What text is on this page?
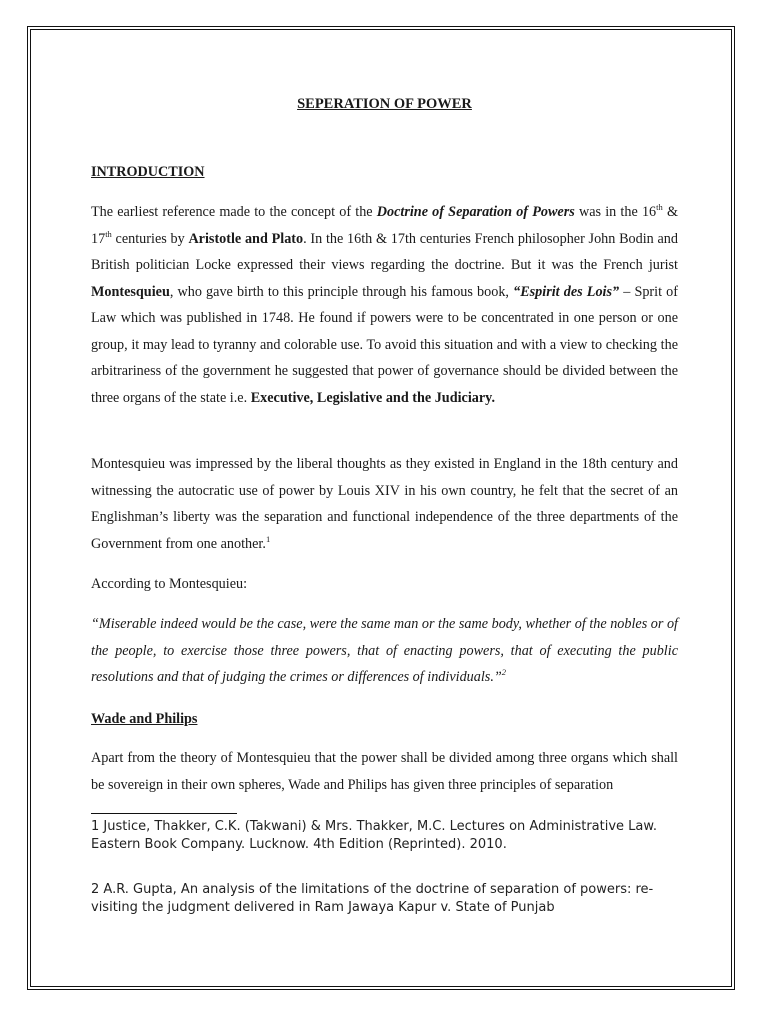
SEPERATION OF POWER
INTRODUCTION

The earliest reference made to the concept of the Doctrine of Separation of Powers was in the 16th & 17th centuries by Aristotle and Plato. In the 16th & 17th centuries French philosopher John Bodin and British politician Locke expressed their views regarding the doctrine. But it was the French jurist Montesquieu, who gave birth to this principle through his famous book, “Espirit des Lois” – Sprit of Law which was published in 1748. He found if powers were to be concentrated in one person or one group, it may lead to tyranny and colorable use. To avoid this situation and with a view to checking the arbitrariness of the government he suggested that power of governance should be divided between the three organs of the state i.e. Executive, Legislative and the Judiciary.

Montesquieu was impressed by the liberal thoughts as they existed in England in the 18th century and witnessing the autocratic use of power by Louis XIV in his own country, he felt that the secret of an Englishman’s liberty was the separation and functional independence of the three departments of the Government from one another.$^1$

According to Montesquieu:

“Miserable indeed would be the case, were the same man or the same body, whether of the nobles or of the people, to exercise those three powers, that of enacting powers, that of executing the public resolutions and that of judging the crimes or differences of individuals.”$^2$

Wade and Philips

Apart from the theory of Montesquieu that the power shall be divided among three organs which shall be sovereign in their own spheres, Wade and Philips has given three principles of separation

1 Justice, Thakker, C.K. (Takwani) & Mrs. Thakker, M.C. Lectures on Administrative Law. Eastern Book Company. Lucknow. 4th Edition (Reprinted). 2010.
2 A.R. Gupta, An analysis of the limitations of the doctrine of separation of powers: re-visiting the judgment delivered in Ram Jawaya Kapur v. State of Punjab
